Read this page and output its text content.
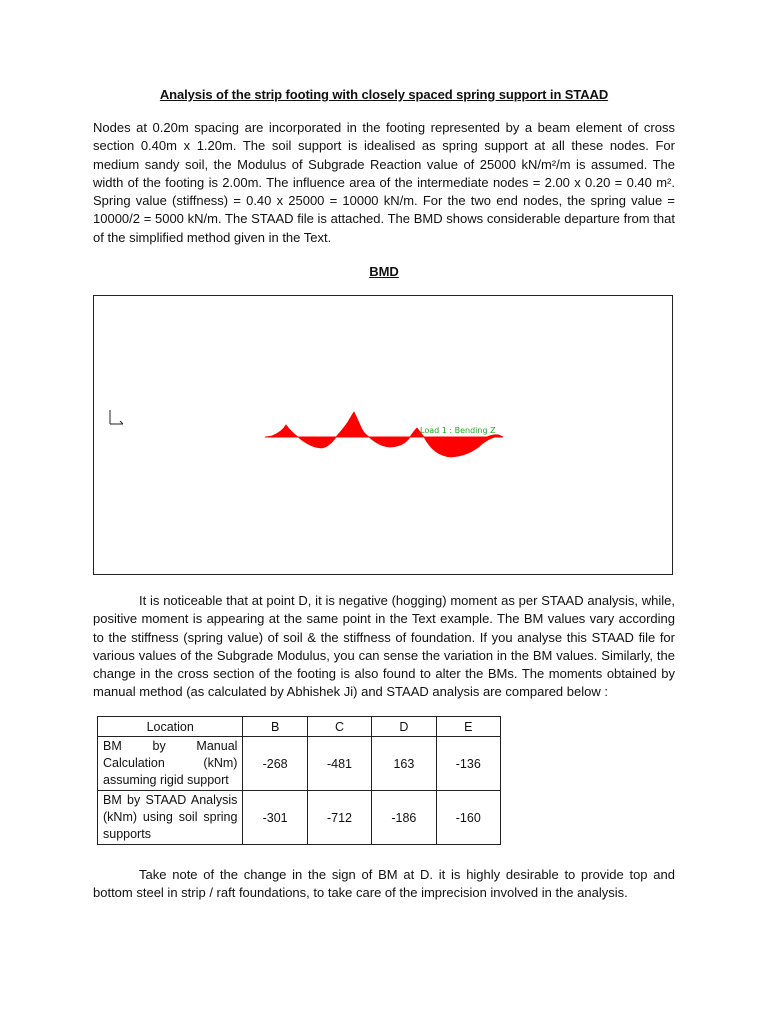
Analysis of the strip footing with closely spaced spring support in STAAD

Nodes at 0.20m spacing are incorporated in the footing represented by a beam element of cross section 0.40m x 1.20m. The soil support is idealised as spring support at all these nodes. For medium sandy soil, the Modulus of Subgrade Reaction value of 25000 kN/m²/m is assumed. The width of the footing is 2.00m. The influence area of the intermediate nodes = 2.00 x 0.20 = 0.40 m². Spring value (stiffness) = 0.40 x 25000 = 10000 kN/m. For the two end nodes, the spring value = 10000/2 = 5000 kN/m. The STAAD file is attached. The BMD shows considerable departure from that of the simplified method given in the Text.

BMD
Load 1 : Bending Z

It is noticeable that at point D, it is negative (hogging) moment as per STAAD analysis, while, positive moment is appearing at the same point in the Text example. The BM values vary according to the stiffness (spring value) of soil & the stiffness of foundation. If you analyse this STAAD file for various values of the Subgrade Modulus, you can sense the variation in the BM values. Similarly, the change in the cross section of the footing is also found to alter the BMs. The moments obtained by manual method (as calculated by Abhishek Ji) and STAAD analysis are compared below :

Location	B	C	D	E
BM by Manual Calculation (kNm) assuming rigid support	-268	-481	163	-136
BM by STAAD Analysis (kNm) using soil spring supports	-301	-712	-186	-160

Take note of the change in the sign of BM at D. it is highly desirable to provide top and bottom steel in strip / raft foundations, to take care of the imprecision involved in the analysis.
